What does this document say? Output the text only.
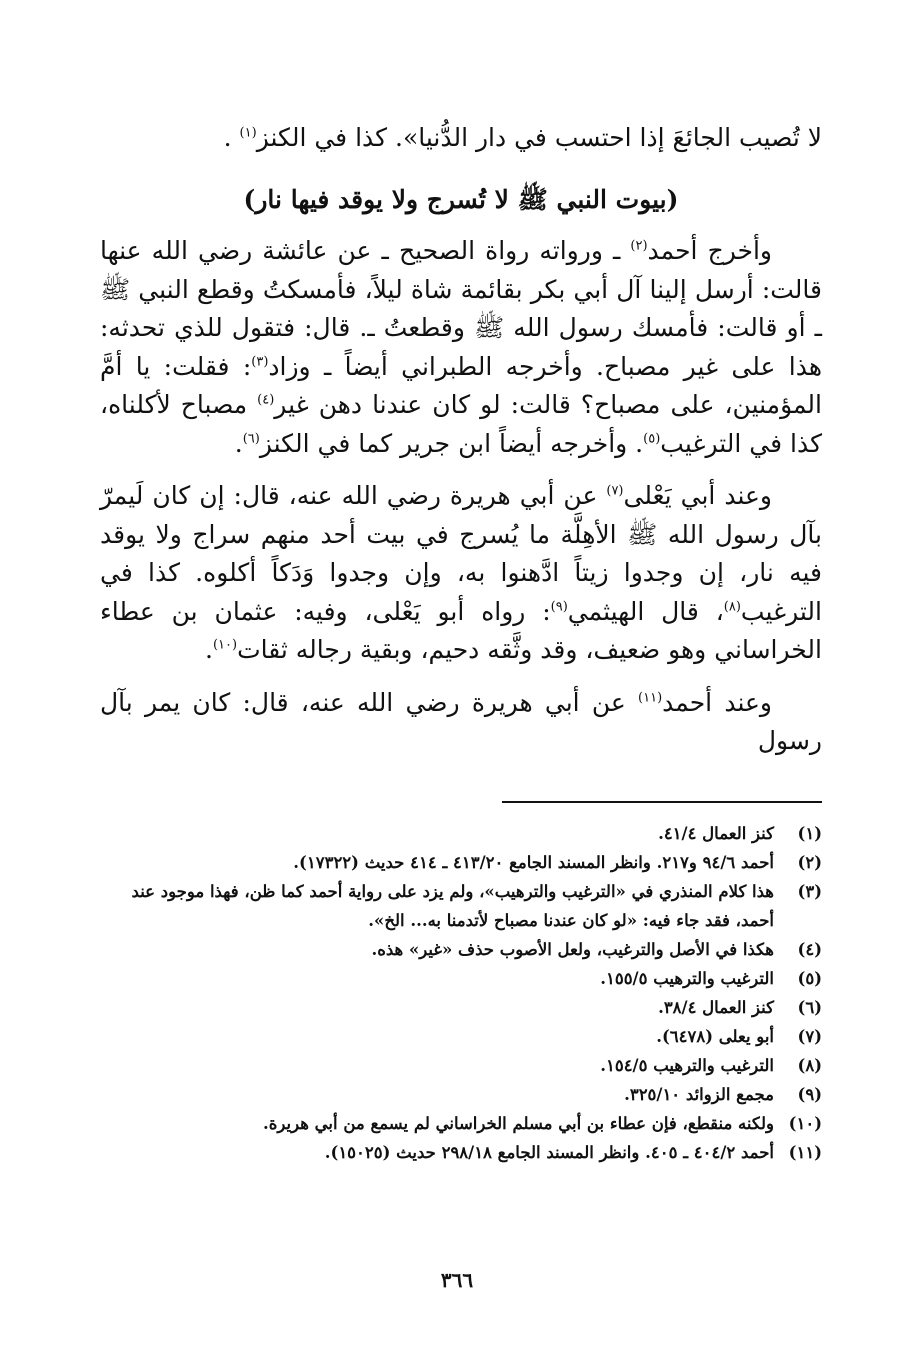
لا تُصيب الجائعَ إذا احتسب في دار الدُّنيا». كذا في الكنز$^{(١)}$ .

(بيوت النبي ﷺ لا تُسرج ولا يوقد فيها نار)

وأخرج أحمد$^{(٢)}$ ـ ورواته رواة الصحيح ـ عن عائشة رضي الله عنها قالت: أرسل إلينا آل أبي بكر بقائمة شاة ليلاً، فأمسكتُ وقطع النبي ﷺ ـ أو قالت: فأمسك رسول الله ﷺ وقطعتُ ـ. قال: فتقول للذي تحدثه: هذا على غير مصباح. وأخرجه الطبراني أيضاً ـ وزاد$^{(٣)}$: فقلت: يا أمَّ المؤمنين، على مصباح؟ قالت: لو كان عندنا دهن غير$^{(٤)}$ مصباح لأكلناه، كذا في الترغيب$^{(٥)}$. وأخرجه أيضاً ابن جرير كما في الكنز$^{(٦)}$.

وعند أبي يَعْلى$^{(٧)}$ عن أبي هريرة رضي الله عنه، قال: إن كان لَيمرّ بآل رسول الله ﷺ الأهِلَّة ما يُسرج في بيت أحد منهم سراج ولا يوقد فيه نار، إن وجدوا زيتاً ادَّهنوا به، وإن وجدوا وَدَكاً أكلوه. كذا في الترغيب$^{(٨)}$، قال الهيثمي$^{(٩)}$: رواه أبو يَعْلى، وفيه: عثمان بن عطاء الخراساني وهو ضعيف، وقد وثَّقه دحيم، وبقية رجاله ثقات$^{(١٠)}$.

وعند أحمد$^{(١١)}$ عن أبي هريرة رضي الله عنه، قال: كان يمر بآل رسول

(١)
كنز العمال ٤١/٤.
(٢)
أحمد ٩٤/٦ و٢١٧. وانظر المسند الجامع ٤١٣/٢٠ ـ ٤١٤ حديث (١٧٣٢٢).
(٣)
هذا كلام المنذري في «الترغيب والترهيب»، ولم يزد على رواية أحمد كما ظن، فهذا موجود عند أحمد، فقد جاء فيه: «لو كان عندنا مصباح لأتدمنا به... الخ».
(٤)
هكذا في الأصل والترغيب، ولعل الأصوب حذف «غير» هذه.
(٥)
الترغيب والترهيب ١٥٥/٥.
(٦)
كنز العمال ٣٨/٤.
(٧)
أبو يعلى (٦٤٧٨).
(٨)
الترغيب والترهيب ١٥٤/٥.
(٩)
مجمع الزوائد ٣٢٥/١٠.
(١٠)
ولكنه منقطع، فإن عطاء بن أبي مسلم الخراساني لم يسمع من أبي هريرة.
(١١)
أحمد ٤٠٤/٢ ـ ٤٠٥. وانظر المسند الجامع ٢٩٨/١٨ حديث (١٥٠٢٥).
٣٦٦
